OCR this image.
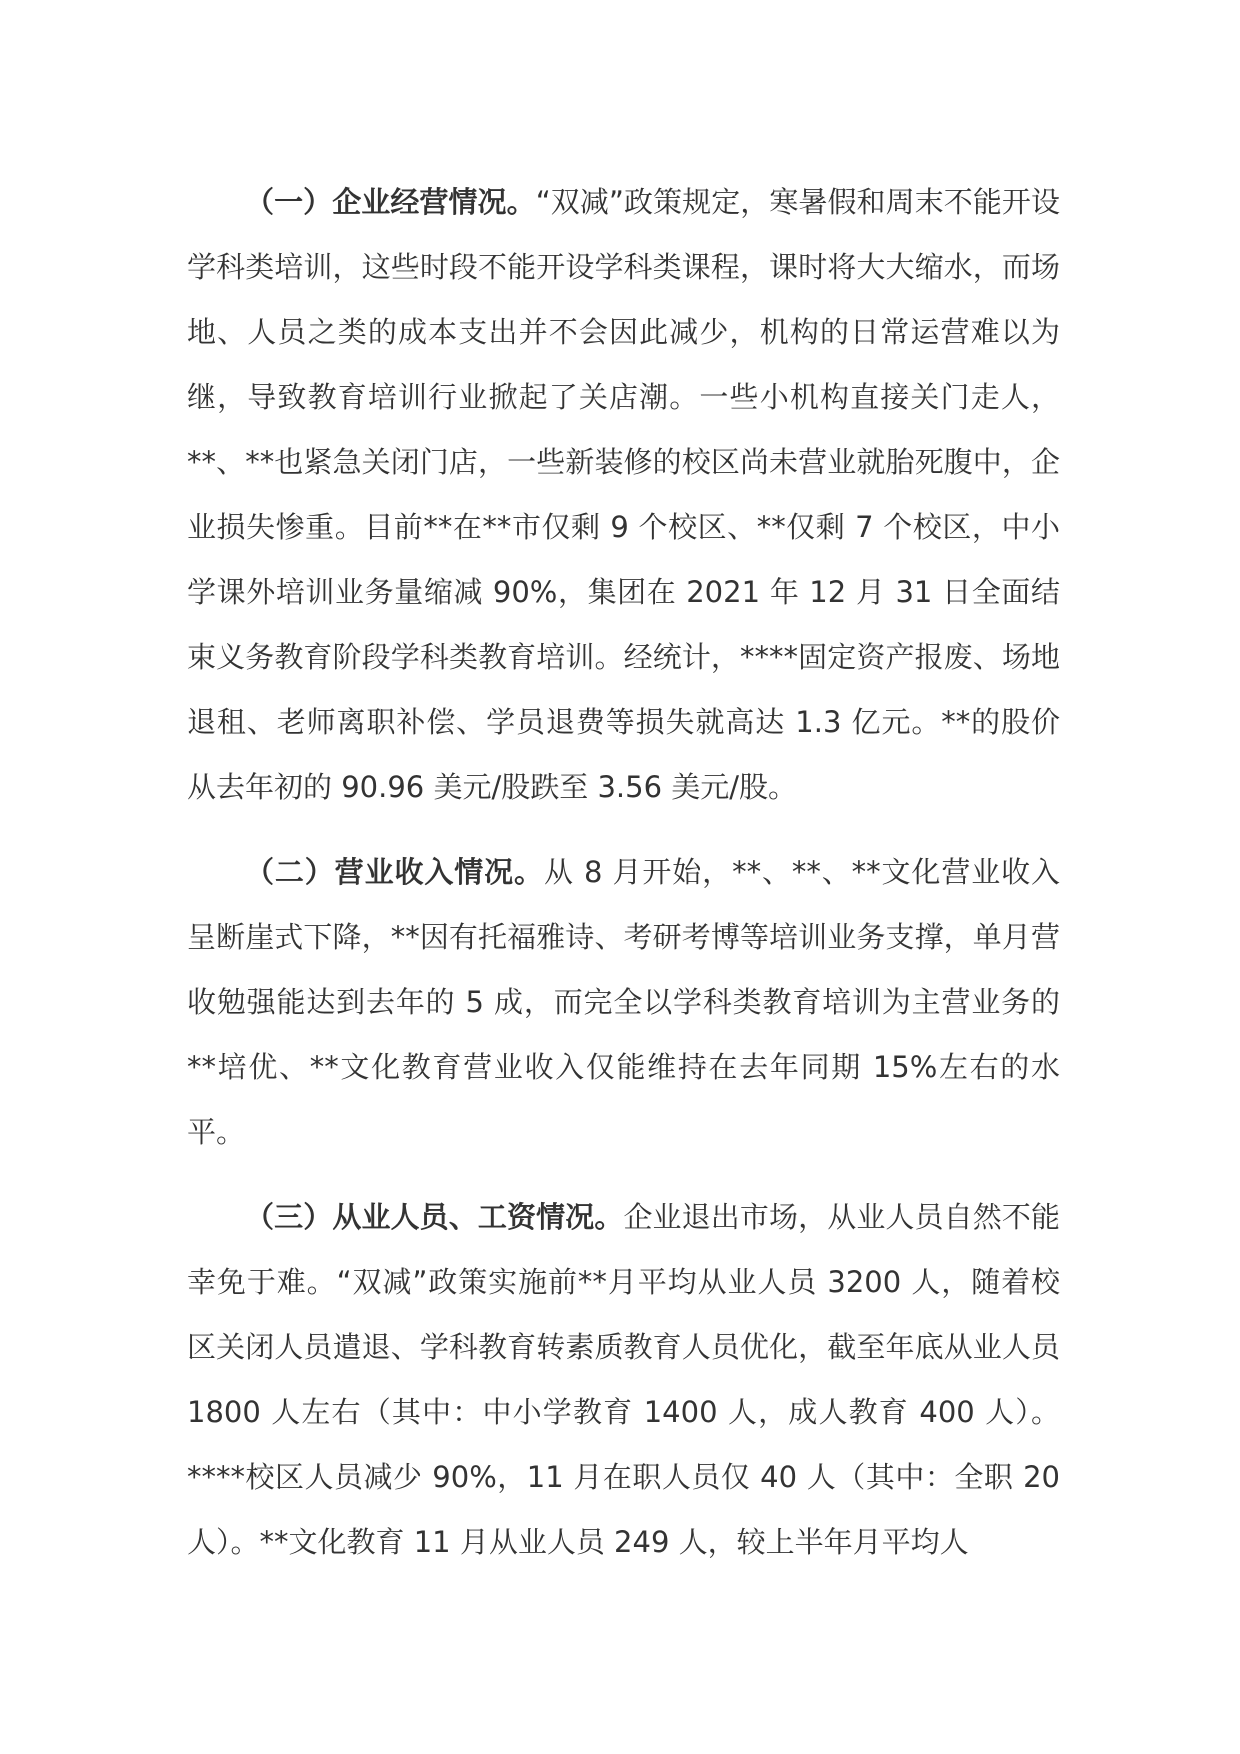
（一）企业经营情况。“双减”政策规定，寒暑假和周末不能开设学科类培训，这些时段不能开设学科类课程，课时将大大缩水，而场地、人员之类的成本支出并不会因此减少，机构的日常运营难以为继，导致教育培训行业掀起了关店潮。一些小机构直接关门走人，**、**也紧急关闭门店，一些新装修的校区尚未营业就胎死腹中，企业损失惨重。目前**在**市仅剩 9 个校区、**仅剩 7 个校区，中小学课外培训业务量缩减 90%，集团在 2021 年 12 月 31 日全面结束义务教育阶段学科类教育培训。经统计，****固定资产报废、场地退租、老师离职补偿、学员退费等损失就高达 1.3 亿元。**的股价从去年初的 90.96 美元/股跌至 3.56 美元/股。

（二）营业收入情况。从 8 月开始，**、**、**文化营业收入呈断崖式下降，**因有托福雅诗、考研考博等培训业务支撑，单月营收勉强能达到去年的 5 成，而完全以学科类教育培训为主营业务的**培优、**文化教育营业收入仅能维持在去年同期 15%左右的水平。

（三）从业人员、工资情况。企业退出市场，从业人员自然不能幸免于难。“双减”政策实施前**月平均从业人员 3200 人，随着校区关闭人员遣退、学科教育转素质教育人员优化，截至年底从业人员 1800 人左右（其中：中小学教育 1400 人，成人教育 400 人）。****校区人员减少 90%，11 月在职人员仅 40 人（其中：全职 20 人）。**文化教育 11 月从业人员 249 人，较上半年月平均人
